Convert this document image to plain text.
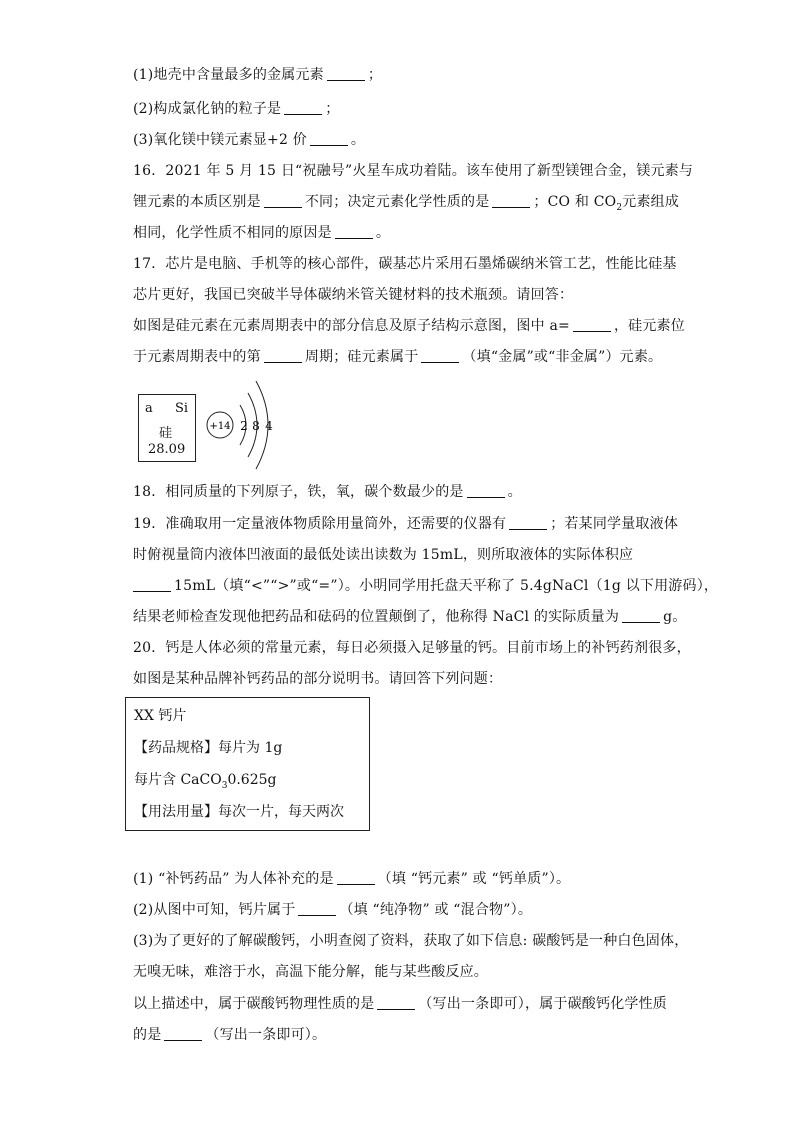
(1)地壳中含量最多的金属元素	；
(2)构成氯化钠的粒子是	；
(3)氧化镁中镁元素显+2 价	。
16．2021 年 5 月 15 日“祝融号”火星车成功着陆。该车使用了新型镁锂合金，镁元素与
锂元素的本质区别是	不同；决定元素化学性质的是	；CO 和 $CO_2$元素组成
相同，化学性质不相同的原因是	。
17．芯片是电脑、手机等的核心部件，碳基芯片采用石墨烯碳纳米管工艺，性能比硅基
芯片更好，我国已突破半导体碳纳米管关键材料的技术瓶颈。请回答：
如图是硅元素在元素周期表中的部分信息及原子结构示意图，图中 a=	，硅元素位
于元素周期表中的第	周期；硅元素属于	（填“金属”或“非金属”）元素。
a Si
硅
28.09
+14 2 8 4
18．相同质量的下列原子，铁，氧，碳个数最少的是	。
19．准确取用一定量液体物质除用量筒外，还需要的仪器有	；若某同学量取液体
时俯视量筒内液体凹液面的最低处读出读数为 15mL，则所取液体的实际体积应
15mL（填“<”“>”或“=”）。小明同学用托盘天平称了 5.4gNaCl（1g 以下用游码），
结果老师检查发现他把药品和砝码的位置颠倒了，他称得 NaCl 的实际质量为	g。
20．钙是人体必须的常量元素，每日必须摄入足够量的钙。目前市场上的补钙药剂很多，
如图是某种品牌补钙药品的部分说明书。请回答下列问题：
XX 钙片
【药品规格】每片为 1g
每片含 CaCO$_3$0.625g
【用法用量】每次一片，每天两次
(1) “补钙药品” 为人体补充的是	（填 “钙元素” 或 “钙单质”）。
(2)从图中可知，钙片属于	（填 “纯净物” 或 “混合物”）。
(3)为了更好的了解碳酸钙，小明查阅了资料，获取了如下信息: 碳酸钙是一种白色固体，
无嗅无味，难溶于水，高温下能分解，能与某些酸反应。
以上描述中，属于碳酸钙物理性质的是	（写出一条即可），属于碳酸钙化学性质
的是	（写出一条即可）。
